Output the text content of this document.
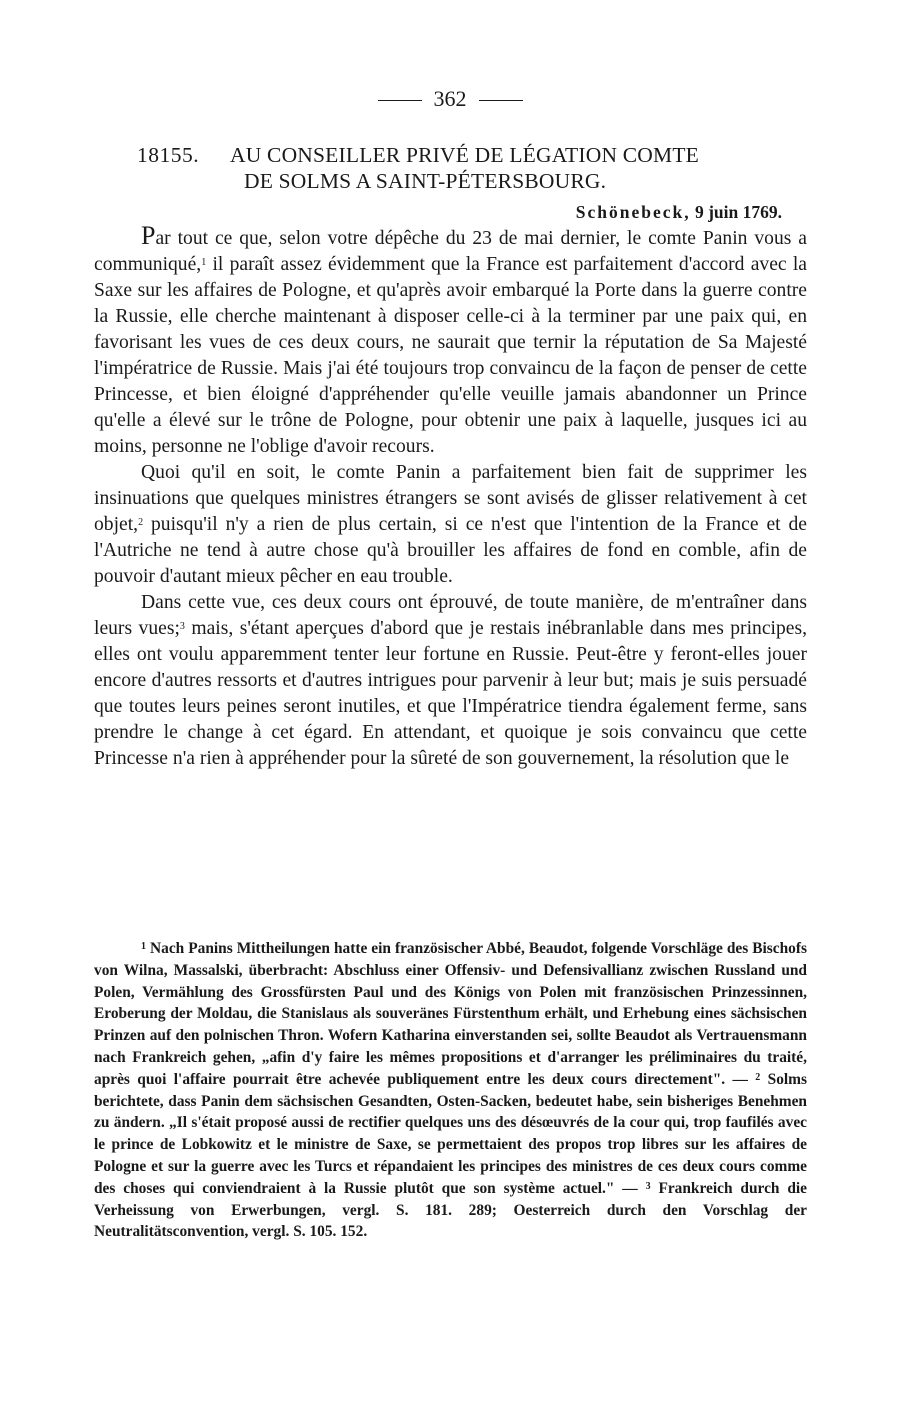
362
18155. AU CONSEILLER PRIVÉ DE LÉGATION COMTE
DE SOLMS A SAINT-PÉTERSBOURG.
Schönebeck, 9 juin 1769.

Par tout ce que, selon votre dépêche du 23 de mai dernier, le comte Panin vous a communiqué,$^1$ il paraît assez évidemment que la France est parfaitement d'accord avec la Saxe sur les affaires de Pologne, et qu'après avoir embarqué la Porte dans la guerre contre la Russie, elle cherche maintenant à disposer celle-ci à la terminer par une paix qui, en favorisant les vues de ces deux cours, ne saurait que ternir la réputation de Sa Majesté l'impératrice de Russie. Mais j'ai été toujours trop convaincu de la façon de penser de cette Princesse, et bien éloigné d'appréhender qu'elle veuille jamais abandonner un Prince qu'elle a élevé sur le trône de Pologne, pour obtenir une paix à laquelle, jusques ici au moins, personne ne l'oblige d'avoir recours.

Quoi qu'il en soit, le comte Panin a parfaitement bien fait de supprimer les insinuations que quelques ministres étrangers se sont avisés de glisser relativement à cet objet,$^2$ puisqu'il n'y a rien de plus certain, si ce n'est que l'intention de la France et de l'Autriche ne tend à autre chose qu'à brouiller les affaires de fond en comble, afin de pouvoir d'autant mieux pêcher en eau trouble.

Dans cette vue, ces deux cours ont éprouvé, de toute manière, de m'entraîner dans leurs vues;$^3$ mais, s'étant aperçues d'abord que je restais inébranlable dans mes principes, elles ont voulu apparemment tenter leur fortune en Russie. Peut-être y feront-elles jouer encore d'autres ressorts et d'autres intrigues pour parvenir à leur but; mais je suis persuadé que toutes leurs peines seront inutiles, et que l'Impératrice tiendra également ferme, sans prendre le change à cet égard. En attendant, et quoique je sois convaincu que cette Princesse n'a rien à appréhender pour la sûreté de son gouvernement, la résolution que le

$^1$ Nach Panins Mittheilungen hatte ein französischer Abbé, Beaudot, folgende Vorschläge des Bischofs von Wilna, Massalski, überbracht: Abschluss einer Offensiv- und Defensivallianz zwischen Russland und Polen, Vermählung des Grossfürsten Paul und des Königs von Polen mit französischen Prinzessinnen, Eroberung der Moldau, die Stanislaus als souveränes Fürstenthum erhält, und Erhebung eines sächsischen Prinzen auf den polnischen Thron. Wofern Katharina einverstanden sei, sollte Beaudot als Vertrauensmann nach Frankreich gehen, „afin d'y faire les mêmes propositions et d'arranger les préliminaires du traité, après quoi l'affaire pourrait être achevée publiquement entre les deux cours directement". — $^2$ Solms berichtete, dass Panin dem sächsischen Gesandten, Osten-Sacken, bedeutet habe, sein bisheriges Benehmen zu ändern. „Il s'était proposé aussi de rectifier quelques uns des désœuvrés de la cour qui, trop faufilés avec le prince de Lobkowitz et le ministre de Saxe, se permettaient des propos trop libres sur les affaires de Pologne et sur la guerre avec les Turcs et répandaient les principes des ministres de ces deux cours comme des choses qui conviendraient à la Russie plutôt que son système actuel." — $^3$ Frankreich durch die Verheissung von Erwerbungen, vergl. S. 181. 289; Oesterreich durch den Vorschlag der Neutralitätsconvention, vergl. S. 105. 152.
